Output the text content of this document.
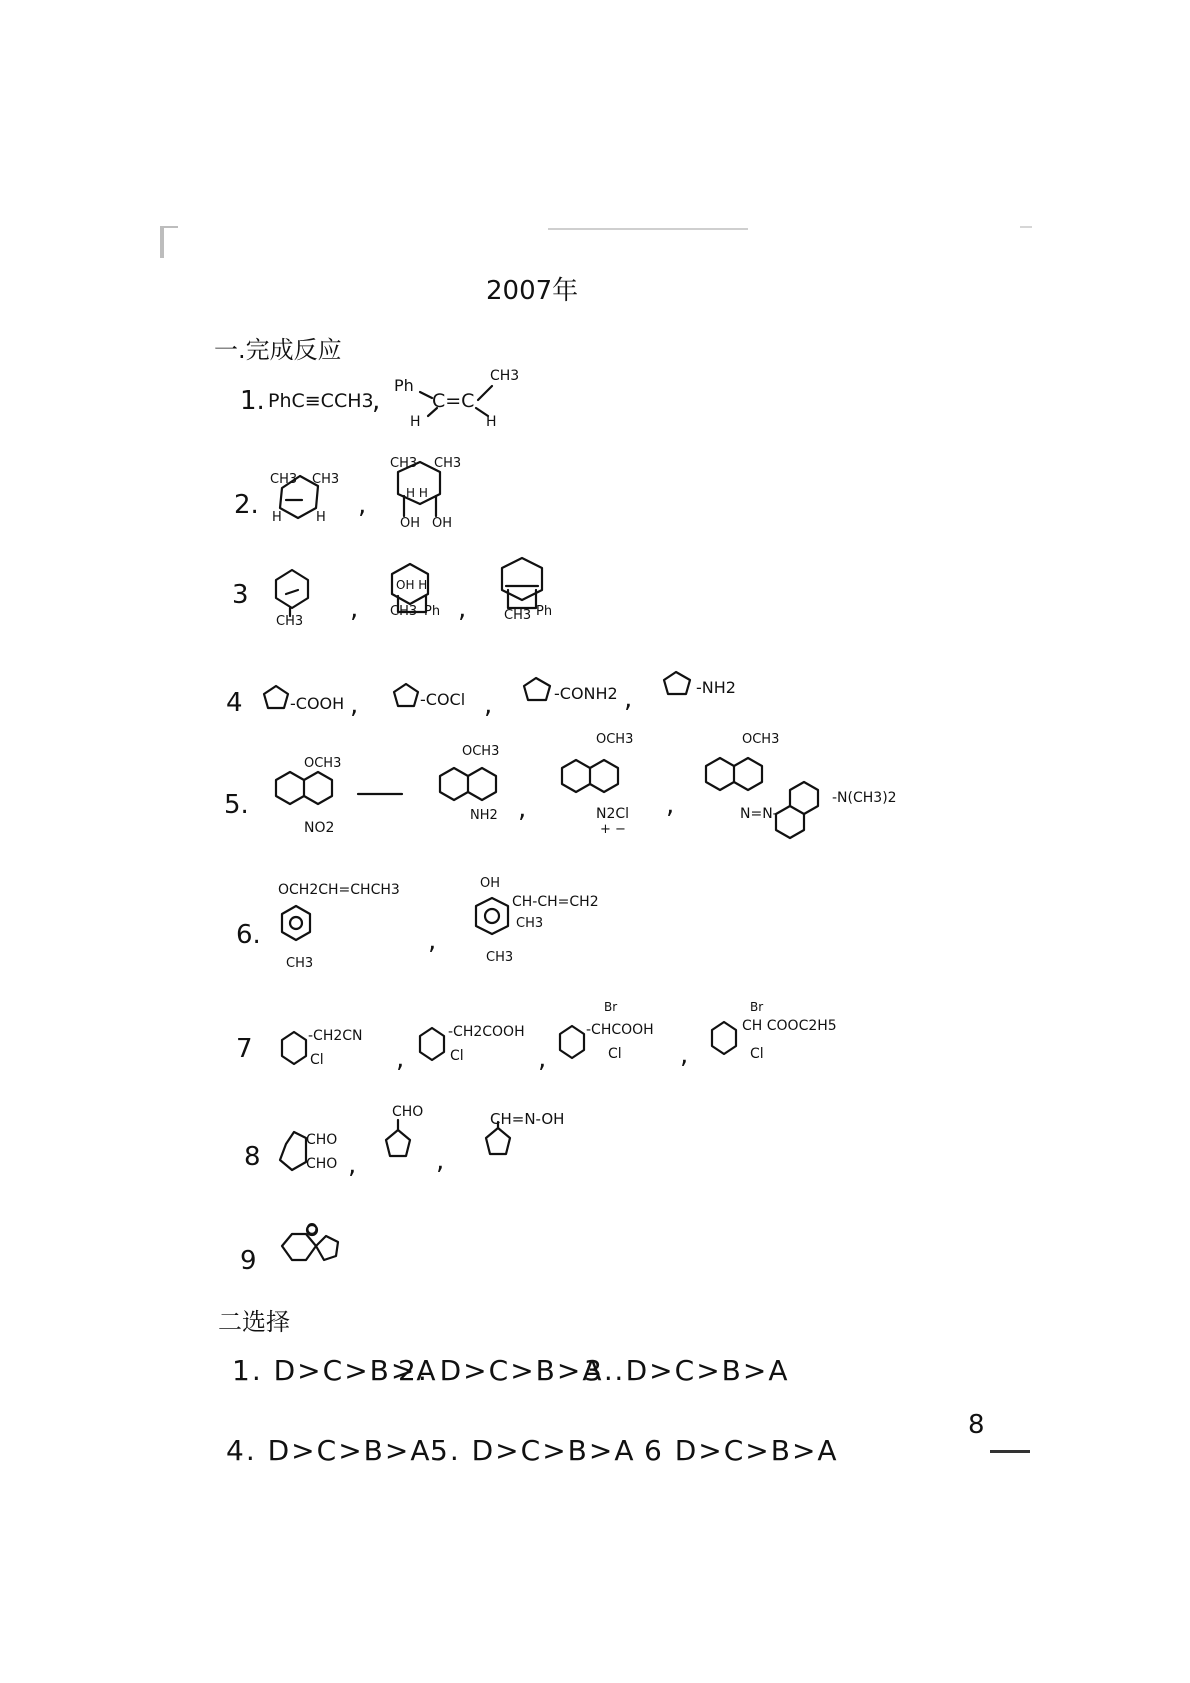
2007年
一.完成反应
1. PhC≡CCH3
,
Ph
C=C
CH3
H	H
2.
CH3 CH3
H	H ,
CH3 CH3
H H
OH OH
3
CH3 ,
OH H
CH3 Ph ,	CH3 Ph
4	-COOH ,	-COCl ,	-CONH2 ,	-NH2
5.
OCH3
NO2
OCH3
NH2 ,
OCH3
N2Cl
+ −
,
OCH3
N=N-
-N(CH3)2
6.
OCH2CH=CHCH3
CH3
,
OH
CH-CH=CH2
CH3
CH3
7	-CH2CN
Cl	,
-CH2COOH
Cl	,
Br
-CHCOOH
Cl ,
Br
CH COOC2H5
Cl
8
CHO
CHO ,
CHO
,
CH=N-OH
9
O
二选择
1. D>C>B>A
2. D>C>B>A .
3. D>C>B>A
4. D>C>B>A
5. D>C>B>A 6 D>C>B>A
8
